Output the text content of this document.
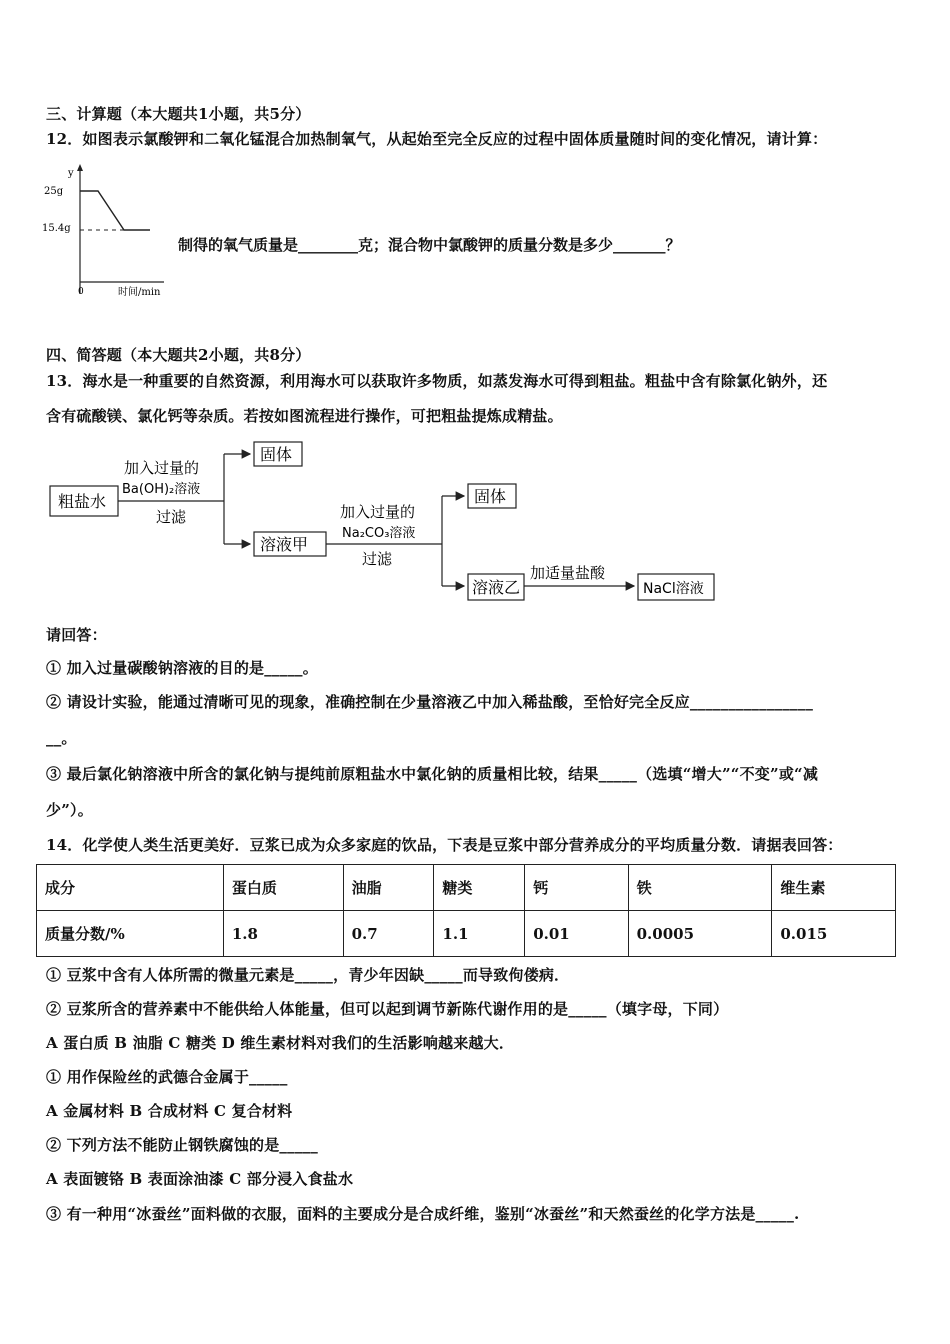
三、计算题（本大题共1小题，共5分）
12．如图表示氯酸钾和二氧化锰混合加热制氧气，从起始至完全反应的过程中固体质量随时间的变化情况，请计算：
y
25g
15.4g
0	时间/min
制得的氧气质量是________克；混合物中氯酸钾的质量分数是多少_______？
四、简答题（本大题共2小题，共8分）
13．海水是一种重要的自然资源，利用海水可以获取许多物质，如蒸发海水可得到粗盐。粗盐中含有除氯化钠外，还
含有硫酸镁、氯化钙等杂质。若按如图流程进行操作，可把粗盐提炼成精盐。
粗盐水
加入过量的
Ba(OH)₂溶液
过滤
固体
溶液甲
加入过量的
Na₂CO₃溶液
过滤
固体
溶液乙
加适量盐酸
NaCl溶液
请回答：
① 加入过量碳酸钠溶液的目的是_____。
② 请设计实验，能通过清晰可见的现象，准确控制在少量溶液乙中加入稀盐酸，至恰好完全反应________________
__。
③ 最后氯化钠溶液中所含的氯化钠与提纯前原粗盐水中氯化钠的质量相比较，结果_____（选填“增大”“不变”或“减
少”）。
14．化学使人类生活更美好．豆浆已成为众多家庭的饮品，下表是豆浆中部分营养成分的平均质量分数．请据表回答：
成分	蛋白质	油脂	糖类	钙	铁	维生素
质量分数/%	1.8	0.7	1.1	0.01	0.0005	0.015
① 豆浆中含有人体所需的微量元素是_____，青少年因缺_____而导致佝偻病．
② 豆浆所含的营养素中不能供给人体能量，但可以起到调节新陈代谢作用的是_____（填字母，下同）
A 蛋白质 B 油脂 C 糖类 D 维生素材料对我们的生活影响越来越大．
① 用作保险丝的武德合金属于_____
A 金属材料 B 合成材料 C 复合材料
② 下列方法不能防止钢铁腐蚀的是_____
A 表面镀铬 B 表面涂油漆 C 部分浸入食盐水
③ 有一种用“冰蚕丝”面料做的衣服，面料的主要成分是合成纤维，鉴别“冰蚕丝”和天然蚕丝的化学方法是_____.
